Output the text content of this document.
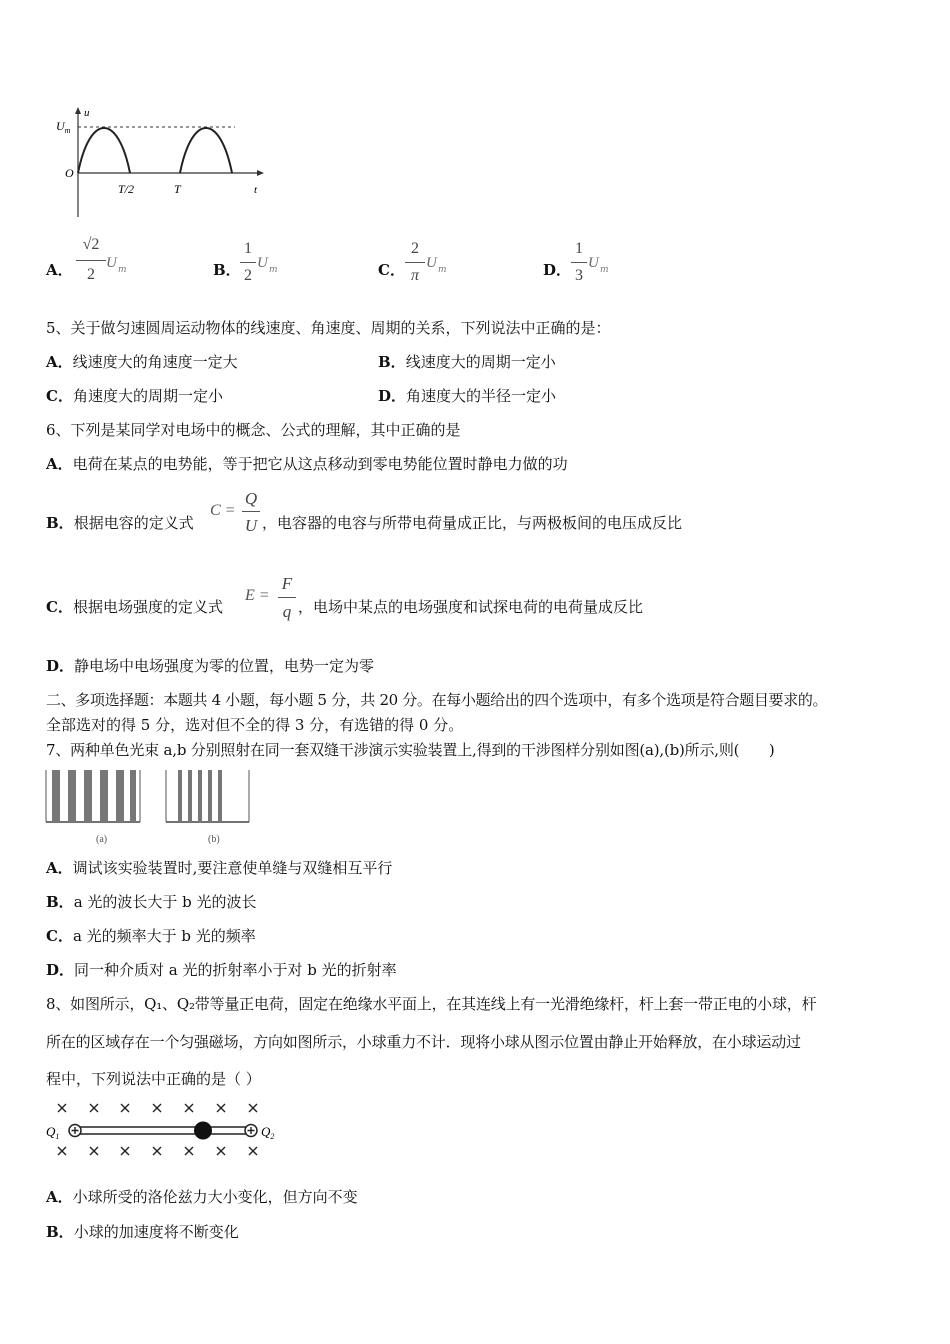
u
$U_m$
O
T/2	T	t
A．
√2
2
U m	B．
1
2
U m	C．
2
π
U m	D．
1
3
U m
5、关于做匀速圆周运动物体的线速度、角速度、周期的关系，下列说法中正确的是：
A．线速度大的角速度一定大	B．线速度大的周期一定小
C．角速度大的周期一定小	D．角速度大的半径一定小
6、下列是某同学对电场中的概念、公式的理解，其中正确的是
A．电荷在某点的电势能，等于把它从这点移动到零电势能位置时静电力做的功
B．根据电容的定义式
C =
Q
U ，电容器的电容与所带电荷量成正比，与两极板间的电压成反比
C．根据电场强度的定义式
E =
F
q ，电场中某点的电场强度和试探电荷的电荷量成反比
D．静电场中电场强度为零的位置，电势一定为零
二、多项选择题：本题共 4 小题，每小题 5 分，共 20 分。在每小题给出的四个选项中，有多个选项是符合题目要求的。
全部选对的得 5 分，选对但不全的得 3 分，有选错的得 0 分。
7、两种单色光束 a,b 分别照射在同一套双缝干涉演示实验装置上,得到的干涉图样分别如图(a),(b)所示,则(　　)
(a)	(b)
A．调试该实验装置时,要注意使单缝与双缝相互平行
B．a 光的波长大于 b 光的波长
C．a 光的频率大于 b 光的频率
D．同一种介质对 a 光的折射率小于对 b 光的折射率
8、如图所示，Q₁、Q₂带等量正电荷，固定在绝缘水平面上，在其连线上有一光滑绝缘杆，杆上套一带正电的小球，杆
所在的区域存在一个匀强磁场，方向如图所示，小球重力不计．现将小球从图示位置由静止开始释放，在小球运动过
程中，下列说法中正确的是（ ）
$Q_1$	$Q_2$
A．小球所受的洛伦兹力大小变化，但方向不变
B．小球的加速度将不断变化
